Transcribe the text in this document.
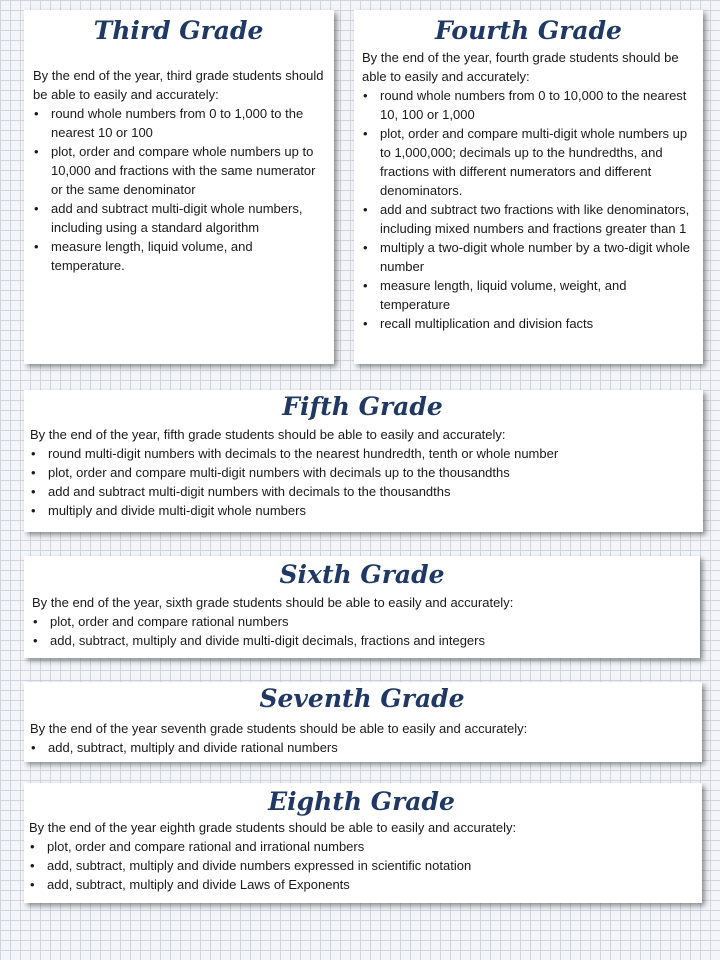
Third Grade

By the end of the year, third grade students should be able to easily and accurately:

• round whole numbers from 0 to 1,000 to the nearest 10 or 100
• plot, order and compare whole numbers up to 10,000 and fractions with the same numerator or the same denominator
• add and subtract multi-digit whole numbers, including using a standard algorithm
• measure length, liquid volume, and temperature.
Fourth Grade

By the end of the year, fourth grade students should be able to easily and accurately:

• round whole numbers from 0 to 10,000 to the nearest 10, 100 or 1,000
• plot, order and compare multi-digit whole numbers up to 1,000,000; decimals up to the hundredths, and fractions with different numerators and different denominators.
• add and subtract two fractions with like denominators, including mixed numbers and fractions greater than 1
• multiply a two-digit whole number by a two-digit whole number
• measure length, liquid volume, weight, and temperature
• recall multiplication and division facts
Fifth Grade

By the end of the year, fifth grade students should be able to easily and accurately:

• round multi-digit numbers with decimals to the nearest hundredth, tenth or whole number
• plot, order and compare multi-digit numbers with decimals up to the thousandths
• add and subtract multi-digit numbers with decimals to the thousandths
• multiply and divide multi-digit whole numbers
Sixth Grade

By the end of the year, sixth grade students should be able to easily and accurately:

• plot, order and compare rational numbers
• add, subtract, multiply and divide multi-digit decimals, fractions and integers
Seventh Grade

By the end of the year seventh grade students should be able to easily and accurately:

• add, subtract, multiply and divide rational numbers
Eighth Grade

By the end of the year eighth grade students should be able to easily and accurately:

• plot, order and compare rational and irrational numbers
• add, subtract, multiply and divide numbers expressed in scientific notation
• add, subtract, multiply and divide Laws of Exponents
